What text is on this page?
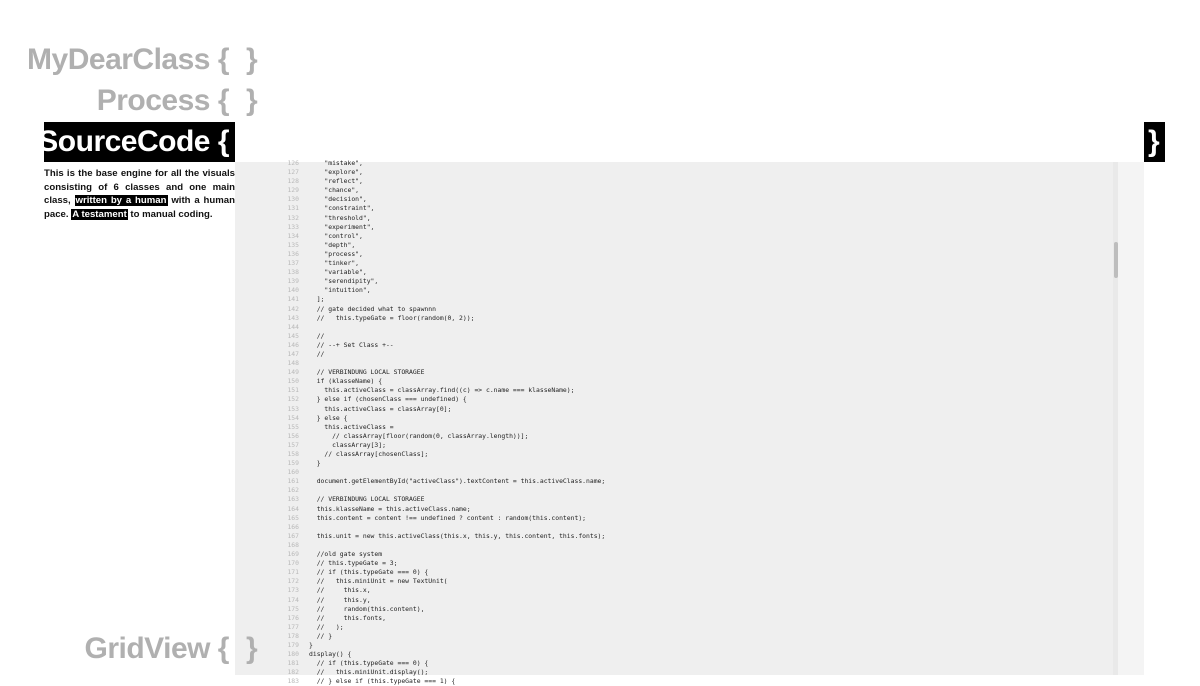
MyDearClass { }
Process { }
SourceCode {	}
This is the base engine for all the visuals consisting of 6 classes and one main class, written by a human with a human pace. A testament to manual coding.
126	"mistake",
127	"explore",
128	"reflect",
129	"chance",
130	"decision",
131	"constraint",
132	"threshold",
133	"experiment",
134	"control",
135	"depth",
136	"process",
137	"tinker",
138	"variable",
139	"serendipity",
140	"intuition",
141	];
142	// gate decided what to spawnnn
143	//   this.typeGate = floor(random(0, 2));
144
145	//
146	// --+ Set Class +--
147	//
148
149	// VERBINDUNG LOCAL STORAGEE
150	if (klasseName) {
151	this.activeClass = classArray.find((c) => c.name === klasseName);
152	} else if (chosenClass === undefined) {
153	this.activeClass = classArray[0];
154	} else {
155	this.activeClass =
156	// classArray[floor(random(0, classArray.length))];
157	classArray[3];
158	// classArray[chosenClass];
159	}
160
161	document.getElementById("activeClass").textContent = this.activeClass.name;
162
163	// VERBINDUNG LOCAL STORAGEE
164	this.klasseName = this.activeClass.name;
165	this.content = content !== undefined ? content : random(this.content);
166
167	this.unit = new this.activeClass(this.x, this.y, this.content, this.fonts);
168
169	//old gate system
170	// this.typeGate = 3;
171	// if (this.typeGate === 0) {
172	//   this.miniUnit = new TextUnit(
173	//     this.x,
174	//     this.y,
175	//     random(this.content),
176	//     this.fonts,
177	//   );
178	// }
179	}
180	display() {
181	// if (this.typeGate === 0) {
182	//   this.miniUnit.display();
183	// } else if (this.typeGate === 1) {
GridView { }
